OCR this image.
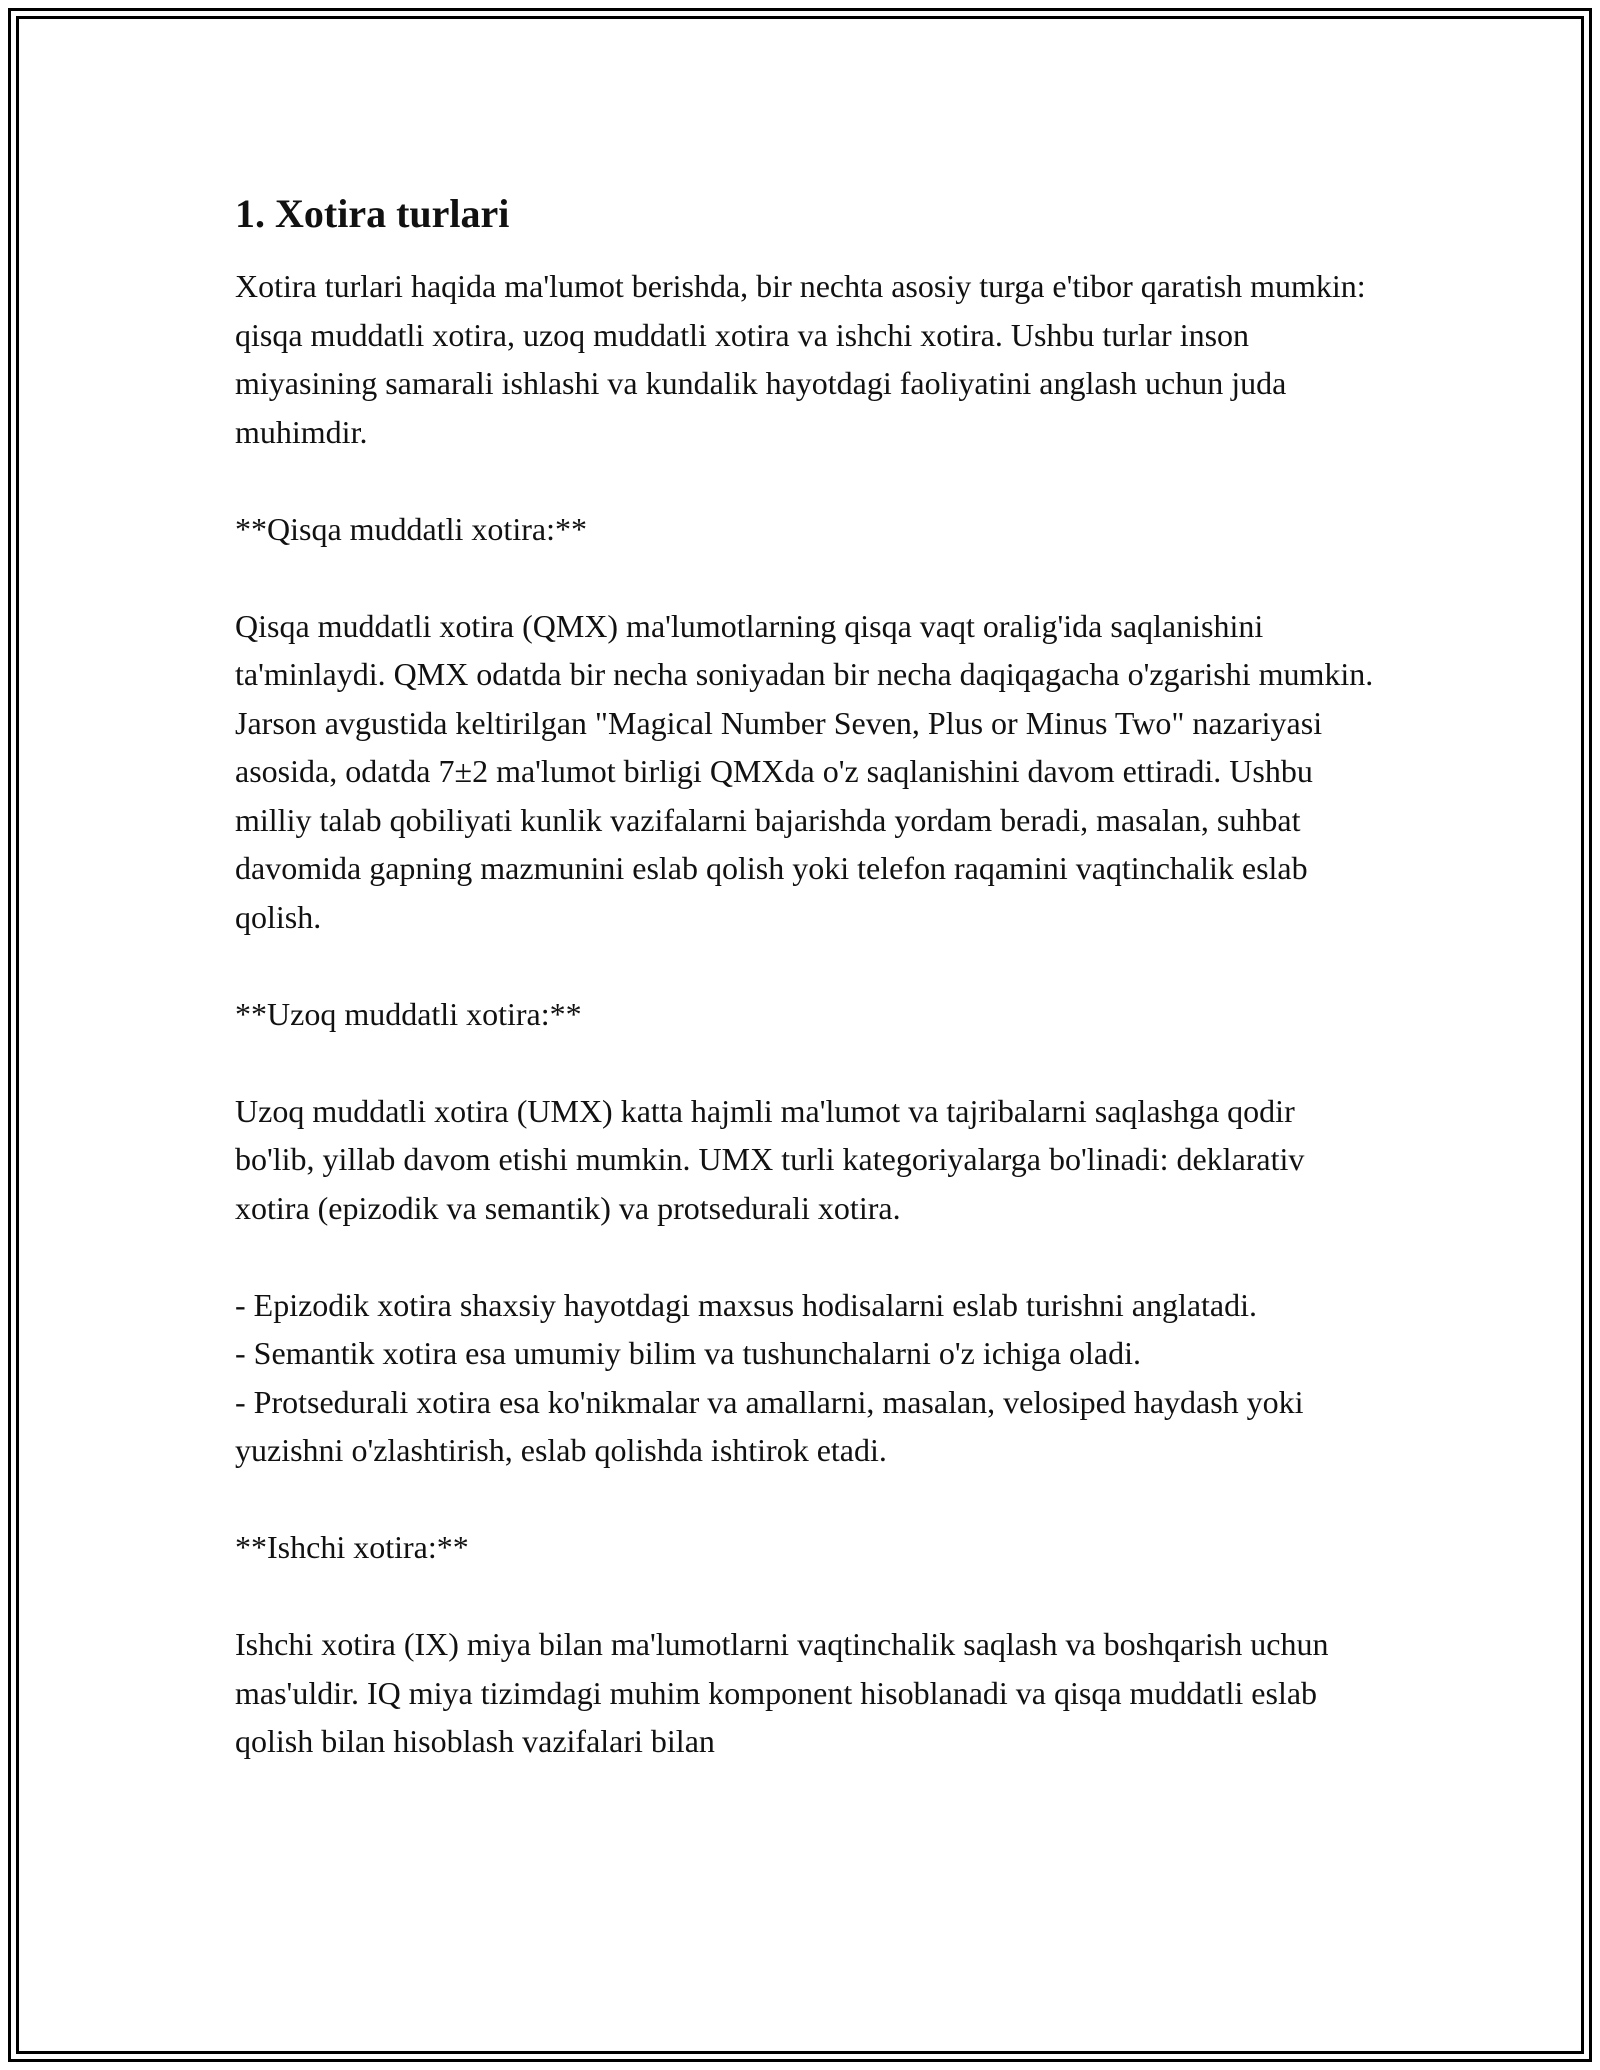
1. Xotira turlari

Xotira turlari haqida ma'lumot berishda, bir nechta asosiy turga e'tibor qaratish mumkin: qisqa muddatli xotira, uzoq muddatli xotira va ishchi xotira. Ushbu turlar inson miyasining samarali ishlashi va kundalik hayotdagi faoliyatini anglash uchun juda muhimdir.

**Qisqa muddatli xotira:**

Qisqa muddatli xotira (QMX) ma'lumotlarning qisqa vaqt oralig'ida saqlanishini ta'minlaydi. QMX odatda bir necha soniyadan bir necha daqiqagacha o'zgarishi mumkin. Jarson avgustida keltirilgan "Magical Number Seven, Plus or Minus Two" nazariyasi asosida, odatda 7±2 ma'lumot birligi QMXda o'z saqlanishini davom ettiradi. Ushbu milliy talab qobiliyati kunlik vazifalarni bajarishda yordam beradi, masalan, suhbat davomida gapning mazmunini eslab qolish yoki telefon raqamini vaqtinchalik eslab qolish.

**Uzoq muddatli xotira:**

Uzoq muddatli xotira (UMX) katta hajmli ma'lumot va tajribalarni saqlashga qodir bo'lib, yillab davom etishi mumkin. UMX turli kategoriyalarga bo'linadi: deklarativ xotira (epizodik va semantik) va protsedurali xotira.

- Epizodik xotira shaxsiy hayotdagi maxsus hodisalarni eslab turishni anglatadi.
- Semantik xotira esa umumiy bilim va tushunchalarni o'z ichiga oladi.
- Protsedurali xotira esa ko'nikmalar va amallarni, masalan, velosiped haydash yoki yuzishni o'zlashtirish, eslab qolishda ishtirok etadi.

**Ishchi xotira:**

Ishchi xotira (IX) miya bilan ma'lumotlarni vaqtinchalik saqlash va boshqarish uchun mas'uldir. IQ miya tizimdagi muhim komponent hisoblanadi va qisqa muddatli eslab qolish bilan hisoblash vazifalari bilan
